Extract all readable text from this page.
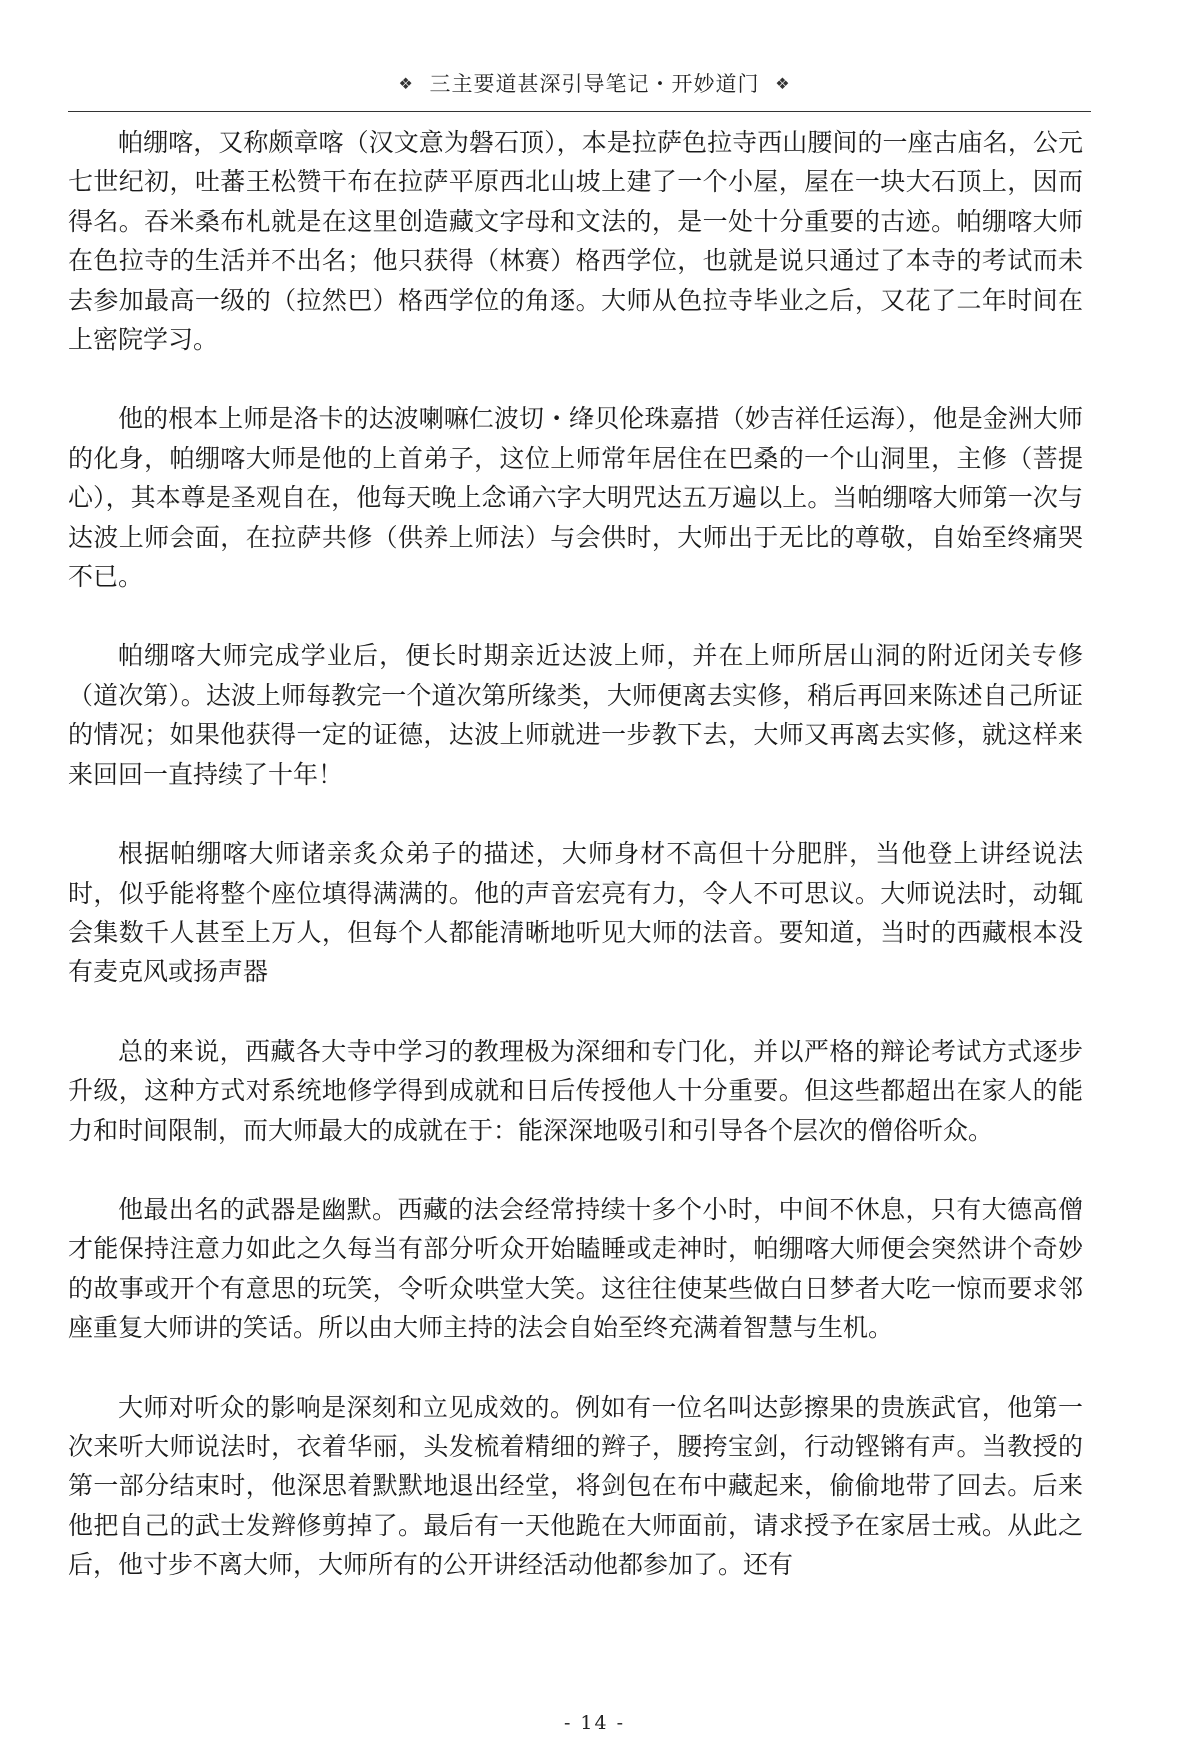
❖ 三主要道甚深引导笔记・开妙道门 ❖

帕绷喀，又称颇章喀（汉文意为磐石顶），本是拉萨色拉寺西山腰间的一座古庙名，公元七世纪初，吐蕃王松赞干布在拉萨平原西北山坡上建了一个小屋，屋在一块大石顶上，因而得名。吞米桑布札就是在这里创造藏文字母和文法的，是一处十分重要的古迹。帕绷喀大师在色拉寺的生活并不出名；他只获得（林赛）格西学位，也就是说只通过了本寺的考试而未去参加最高一级的（拉然巴）格西学位的角逐。大师从色拉寺毕业之后，又花了二年时间在上密院学习。

他的根本上师是洛卡的达波喇嘛仁波切・绛贝伦珠嘉措（妙吉祥任运海），他是金洲大师的化身，帕绷喀大师是他的上首弟子，这位上师常年居住在巴桑的一个山洞里，主修（菩提心），其本尊是圣观自在，他每天晚上念诵六字大明咒达五万遍以上。当帕绷喀大师第一次与达波上师会面，在拉萨共修（供养上师法）与会供时，大师出于无比的尊敬，自始至终痛哭不已。

帕绷喀大师完成学业后，便长时期亲近达波上师，并在上师所居山洞的附近闭关专修（道次第）。达波上师每教完一个道次第所缘类，大师便离去实修，稍后再回来陈述自己所证的情况；如果他获得一定的证德，达波上师就进一步教下去，大师又再离去实修，就这样来来回回一直持续了十年！

根据帕绷喀大师诸亲炙众弟子的描述，大师身材不高但十分肥胖，当他登上讲经说法时，似乎能将整个座位填得满满的。他的声音宏亮有力，令人不可思议。大师说法时，动辄会集数千人甚至上万人，但每个人都能清晰地听见大师的法音。要知道，当时的西藏根本没有麦克风或扬声器

总的来说，西藏各大寺中学习的教理极为深细和专门化，并以严格的辩论考试方式逐步升级，这种方式对系统地修学得到成就和日后传授他人十分重要。但这些都超出在家人的能力和时间限制，而大师最大的成就在于：能深深地吸引和引导各个层次的僧俗听众。

他最出名的武器是幽默。西藏的法会经常持续十多个小时，中间不休息，只有大德高僧才能保持注意力如此之久每当有部分听众开始瞌睡或走神时，帕绷喀大师便会突然讲个奇妙的故事或开个有意思的玩笑，令听众哄堂大笑。这往往使某些做白日梦者大吃一惊而要求邻座重复大师讲的笑话。所以由大师主持的法会自始至终充满着智慧与生机。

大师对听众的影响是深刻和立见成效的。例如有一位名叫达彭擦果的贵族武官，他第一次来听大师说法时，衣着华丽，头发梳着精细的辫子，腰挎宝剑，行动铿锵有声。当教授的第一部分结束时，他深思着默默地退出经堂，将剑包在布中藏起来，偷偷地带了回去。后来他把自己的武士发辫修剪掉了。最后有一天他跪在大师面前，请求授予在家居士戒。从此之后，他寸步不离大师，大师所有的公开讲经活动他都参加了。还有

- 14 -
